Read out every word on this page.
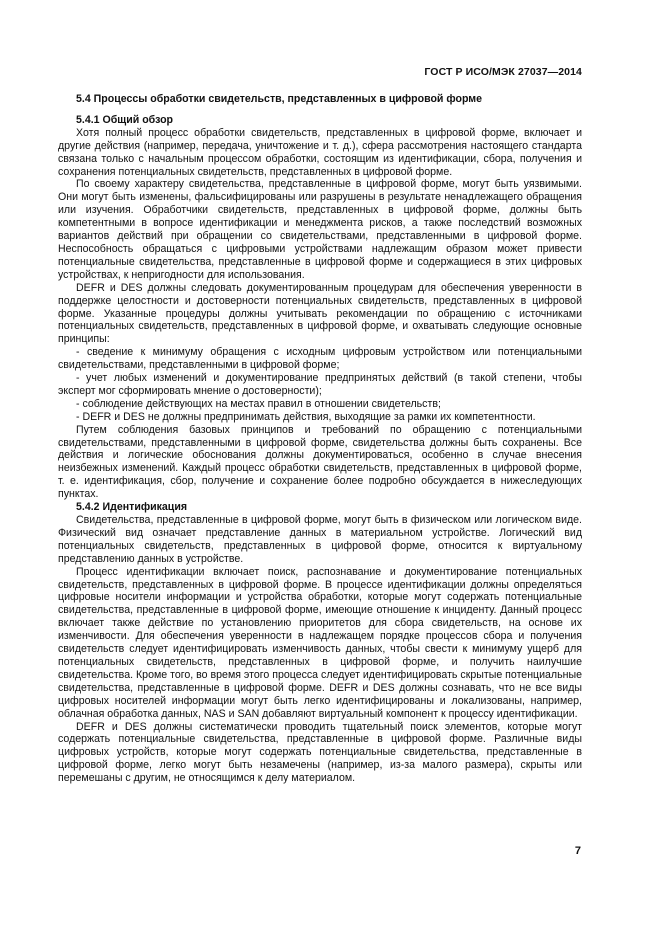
ГОСТ Р ИСО/МЭК 27037—2014
5.4 Процессы обработки свидетельств, представленных в цифровой форме
5.4.1 Общий обзор

Хотя полный процесс обработки свидетельств, представленных в цифровой форме, включает и другие действия (например, передача, уничтожение и т. д.), сфера рассмотрения настоящего стандарта связана только с начальным процессом обработки, состоящим из идентификации, сбора, получения и сохранения потенциальных свидетельств, представленных в цифровой форме.

По своему характеру свидетельства, представленные в цифровой форме, могут быть уязвимыми. Они могут быть изменены, фальсифицированы или разрушены в результате ненадлежащего обращения или изучения. Обработчики свидетельств, представленных в цифровой форме, должны быть компетентными в вопросе идентификации и менеджмента рисков, а также последствий возможных вариантов действий при обращении со свидетельствами, представленными в цифровой форме. Неспособность обращаться с цифровыми устройствами надлежащим образом может привести потенциальные свидетельства, представленные в цифровой форме и содержащиеся в этих цифровых устройствах, к непригодности для использования.

DEFR и DES должны следовать документированным процедурам для обеспечения уверенности в поддержке целостности и достоверности потенциальных свидетельств, представленных в цифровой форме. Указанные процедуры должны учитывать рекомендации по обращению с источниками потенциальных свидетельств, представленных в цифровой форме, и охватывать следующие основные принципы:

- сведение к минимуму обращения с исходным цифровым устройством или потенциальными свидетельствами, представленными в цифровой форме;

- учет любых изменений и документирование предпринятых действий (в такой степени, чтобы эксперт мог сформировать мнение о достоверности);

- соблюдение действующих на местах правил в отношении свидетельств;

- DEFR и DES не должны предпринимать действия, выходящие за рамки их компетентности.

Путем соблюдения базовых принципов и требований по обращению с потенциальными свидетельствами, представленными в цифровой форме, свидетельства должны быть сохранены. Все действия и логические обоснования должны документироваться, особенно в случае внесения неизбежных изменений. Каждый процесс обработки свидетельств, представленных в цифровой форме, т. е. идентификация, сбор, получение и сохранение более подробно обсуждается в нижеследующих пунктах.

5.4.2 Идентификация

Свидетельства, представленные в цифровой форме, могут быть в физическом или логическом виде. Физический вид означает представление данных в материальном устройстве. Логический вид потенциальных свидетельств, представленных в цифровой форме, относится к виртуальному представлению данных в устройстве.

Процесс идентификации включает поиск, распознавание и документирование потенциальных свидетельств, представленных в цифровой форме. В процессе идентификации должны определяться цифровые носители информации и устройства обработки, которые могут содержать потенциальные свидетельства, представленные в цифровой форме, имеющие отношение к инциденту. Данный процесс включает также действие по установлению приоритетов для сбора свидетельств, на основе их изменчивости. Для обеспечения уверенности в надлежащем порядке процессов сбора и получения свидетельств следует идентифицировать изменчивость данных, чтобы свести к минимуму ущерб для потенциальных свидетельств, представленных в цифровой форме, и получить наилучшие свидетельства. Кроме того, во время этого процесса следует идентифицировать скрытые потенциальные свидетельства, представленные в цифровой форме. DEFR и DES должны сознавать, что не все виды цифровых носителей информации могут быть легко идентифицированы и локализованы, например, облачная обработка данных, NAS и SAN добавляют виртуальный компонент к процессу идентификации.

DEFR и DES должны систематически проводить тщательный поиск элементов, которые могут содержать потенциальные свидетельства, представленные в цифровой форме. Различные виды цифровых устройств, которые могут содержать потенциальные свидетельства, представленные в цифровой форме, легко могут быть незамечены (например, из-за малого размера), скрыты или перемешаны с другим, не относящимся к делу материалом.

7
